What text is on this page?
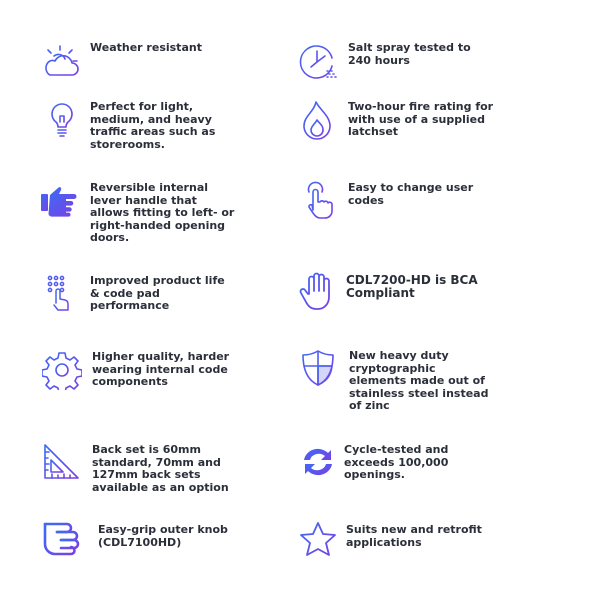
Weather resistant
Perfect for light,
medium, and heavy
traffic areas such as
storerooms.
Reversible internal
lever handle that
allows fitting to left- or
right-handed opening
doors.
Improved product life
& code pad
performance
Higher quality, harder
wearing internal code
components
Back set is 60mm
standard, 70mm and
127mm back sets
available as an option
Easy-grip outer knob
(CDL7100HD)
Salt spray tested to
240 hours
Two-hour fire rating for
with use of a supplied
latchset
Easy to change user
codes
CDL7200-HD is BCA
Compliant
New heavy duty
cryptographic
elements made out of
stainless steel instead
of zinc
Cycle-tested and
exceeds 100,000
openings.
Suits new and retrofit
applications
